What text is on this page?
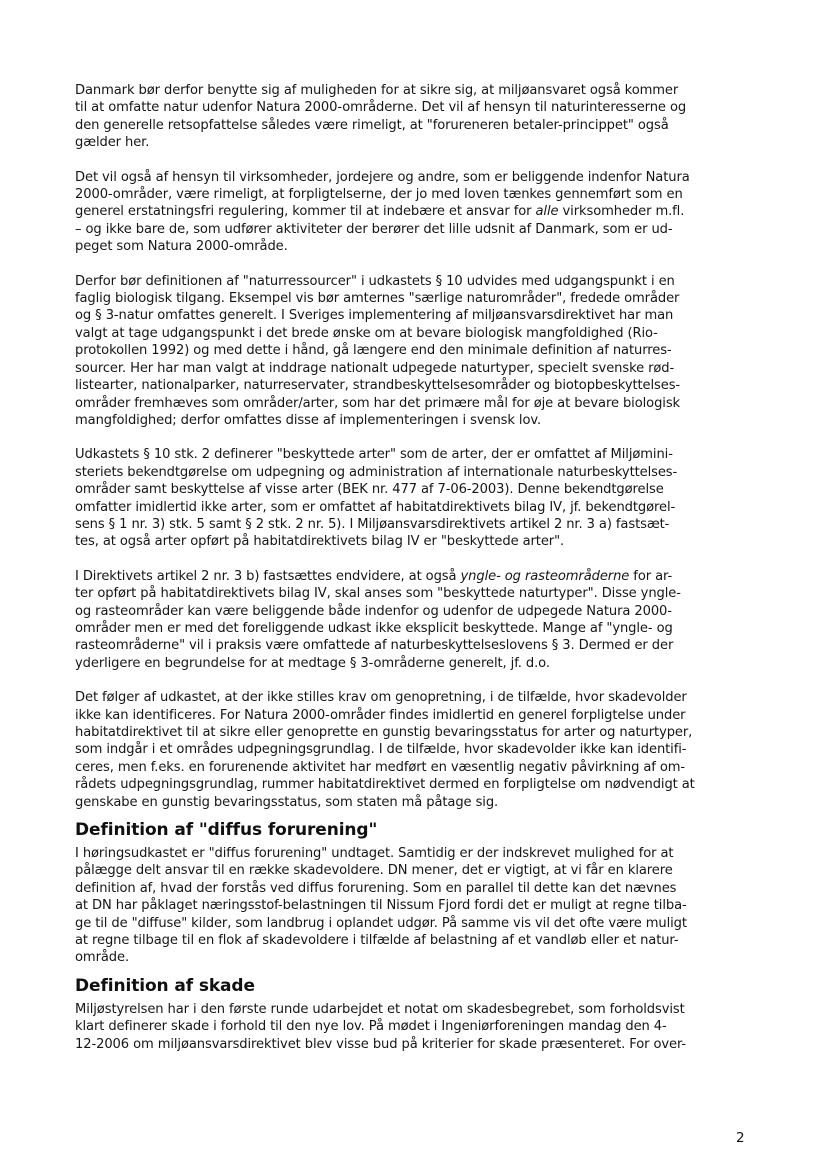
Danmark bør derfor benytte sig af muligheden for at sikre sig, at miljøansvaret også kommer
til at omfatte natur udenfor Natura 2000-områderne. Det vil af hensyn til naturinteresserne og
den generelle retsopfattelse således være rimeligt, at "forureneren betaler-princippet" også
gælder her.
Det vil også af hensyn til virksomheder, jordejere og andre, som er beliggende indenfor Natura
2000-områder, være rimeligt, at forpligtelserne, der jo med loven tænkes gennemført som en
generel erstatningsfri regulering, kommer til at indebære et ansvar for alle virksomheder m.fl.
– og ikke bare de, som udfører aktiviteter der berører det lille udsnit af Danmark, som er ud-
peget som Natura 2000-område.
Derfor bør definitionen af "naturressourcer" i udkastets § 10 udvides med udgangspunkt i en
faglig biologisk tilgang. Eksempel vis bør amternes "særlige naturområder", fredede områder
og § 3-natur omfattes generelt. I Sveriges implementering af miljøansvarsdirektivet har man
valgt at tage udgangspunkt i det brede ønske om at bevare biologisk mangfoldighed (Rio-
protokollen 1992) og med dette i hånd, gå længere end den minimale definition af naturres-
sourcer. Her har man valgt at inddrage nationalt udpegede naturtyper, specielt svenske rød-
listearter, nationalparker, naturreservater, strandbeskyttelsesområder og biotopbeskyttelses-
områder fremhæves som områder/arter, som har det primære mål for øje at bevare biologisk
mangfoldighed; derfor omfattes disse af implementeringen i svensk lov.
Udkastets § 10 stk. 2 definerer "beskyttede arter" som de arter, der er omfattet af Miljømini-
steriets bekendtgørelse om udpegning og administration af internationale naturbeskyttelses-
områder samt beskyttelse af visse arter (BEK nr. 477 af 7-06-2003). Denne bekendtgørelse
omfatter imidlertid ikke arter, som er omfattet af habitatdirektivets bilag IV, jf. bekendtgørel-
sens § 1 nr. 3) stk. 5 samt § 2 stk. 2 nr. 5). I Miljøansvarsdirektivets artikel 2 nr. 3 a) fastsæt-
tes, at også arter opført på habitatdirektivets bilag IV er "beskyttede arter".
I Direktivets artikel 2 nr. 3 b) fastsættes endvidere, at også yngle- og rasteområderne for ar-
ter opført på habitatdirektivets bilag IV, skal anses som "beskyttede naturtyper". Disse yngle-
og rasteområder kan være beliggende både indenfor og udenfor de udpegede Natura 2000-
områder men er med det foreliggende udkast ikke eksplicit beskyttede. Mange af "yngle- og
rasteområderne" vil i praksis være omfattede af naturbeskyttelseslovens § 3. Dermed er der
yderligere en begrundelse for at medtage § 3-områderne generelt, jf. d.o.
Det følger af udkastet, at der ikke stilles krav om genopretning, i de tilfælde, hvor skadevolder
ikke kan identificeres. For Natura 2000-områder findes imidlertid en generel forpligtelse under
habitatdirektivet til at sikre eller genoprette en gunstig bevaringsstatus for arter og naturtyper,
som indgår i et områdes udpegningsgrundlag. I de tilfælde, hvor skadevolder ikke kan identifi-
ceres, men f.eks. en forurenende aktivitet har medført en væsentlig negativ påvirkning af om-
rådets udpegningsgrundlag, rummer habitatdirektivet dermed en forpligtelse om nødvendigt at
genskabe en gunstig bevaringsstatus, som staten må påtage sig.
Definition af "diffus forurening"
I høringsudkastet er "diffus forurening" undtaget. Samtidig er der indskrevet mulighed for at
pålægge delt ansvar til en række skadevoldere. DN mener, det er vigtigt, at vi får en klarere
definition af, hvad der forstås ved diffus forurening. Som en parallel til dette kan det nævnes
at DN har påklaget næringsstof-belastningen til Nissum Fjord fordi det er muligt at regne tilba-
ge til de "diffuse" kilder, som landbrug i oplandet udgør. På samme vis vil det ofte være muligt
at regne tilbage til en flok af skadevoldere i tilfælde af belastning af et vandløb eller et natur-
område.
Definition af skade
Miljøstyrelsen har i den første runde udarbejdet et notat om skadesbegrebet, som forholdsvist
klart definerer skade i forhold til den nye lov. På mødet i Ingeniørforeningen mandag den 4-
12-2006 om miljøansvarsdirektivet blev visse bud på kriterier for skade præsenteret. For over-
2
